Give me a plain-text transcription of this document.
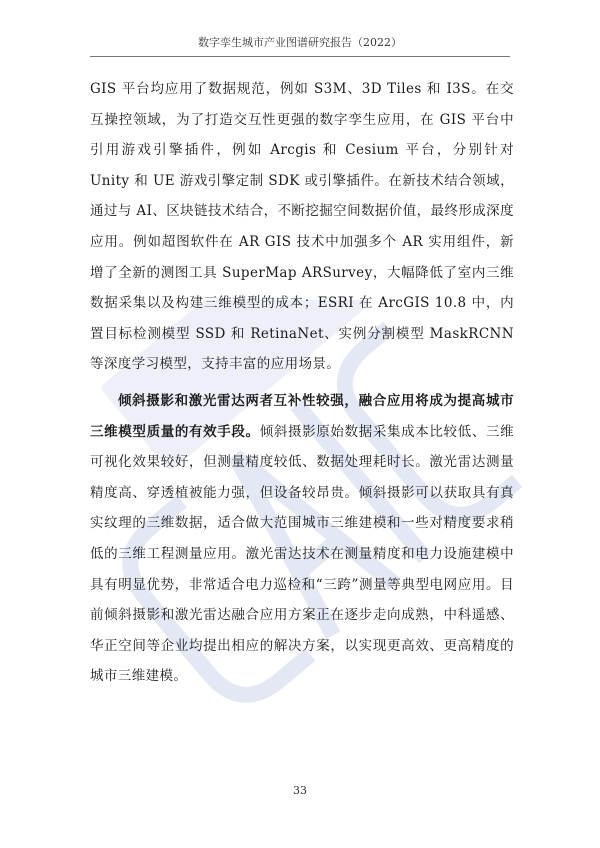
数字孪生城市产业图谱研究报告（2022）

GIS 平台均应用了数据规范，例如 S3M、3D Tiles 和 I3S。在交互操控领域，为了打造交互性更强的数字孪生应用，在 GIS 平台中引用游戏引擎插件，例如 Arcgis 和 Cesium 平台，分别针对 Unity 和 UE 游戏引擎定制 SDK 或引擎插件。在新技术结合领域，通过与 AI、区块链技术结合，不断挖掘空间数据价值，最终形成深度应用。例如超图软件在 AR GIS 技术中加强多个 AR 实用组件，新增了全新的测图工具 SuperMap ARSurvey，大幅降低了室内三维数据采集以及构建三维模型的成本；ESRI 在 ArcGIS 10.8 中，内置目标检测模型 SSD 和 RetinaNet、实例分割模型 MaskRCNN 等深度学习模型，支持丰富的应用场景。

倾斜摄影和激光雷达两者互补性较强，融合应用将成为提高城市三维模型质量的有效手段。倾斜摄影原始数据采集成本比较低、三维可视化效果较好，但测量精度较低、数据处理耗时长。激光雷达测量精度高、穿透植被能力强，但设备较昂贵。倾斜摄影可以获取具有真实纹理的三维数据，适合做大范围城市三维建模和一些对精度要求稍低的三维工程测量应用。激光雷达技术在测量精度和电力设施建模中具有明显优势，非常适合电力巡检和“三跨”测量等典型电网应用。目前倾斜摄影和激光雷达融合应用方案正在逐步走向成熟，中科遥感、华正空间等企业均提出相应的解决方案，以实现更高效、更高精度的城市三维建模。

33
